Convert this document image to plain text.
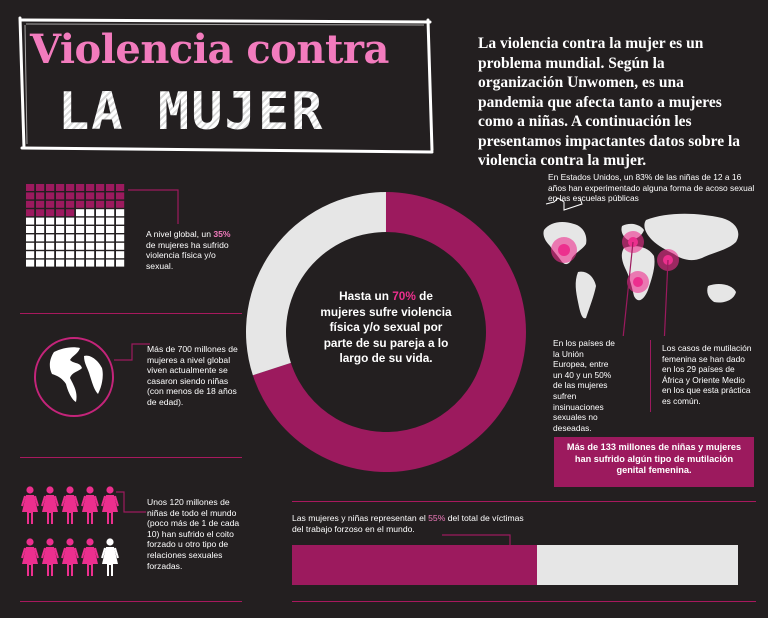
Violencia contra
LA MUJER
La violencia contra la mujer es un problema mundial. Según la organización Unwomen, es una pandemia que afecta tanto a mujeres como a niñas. A continuación les presentamos impactantes datos sobre la violencia contra la mujer.
A nivel global, un 35% de mujeres ha sufrido violencia física y/o sexual.
Más de 700 millones de mujeres a nivel global viven actualmente se casaron siendo niñas (con menos de 18 años de edad).
Unos 120 millones de niñas de todo el mundo (poco más de 1 de cada 10) han sufrido el coito forzado u otro tipo de relaciones sexuales forzadas.
Hasta un 70% de mujeres sufre violencia física y/o sexual por parte de su pareja a lo largo de su vida.
En Estados Unidos, un 83% de las niñas de 12 a 16 años han experimentado alguna forma de acoso sexual en las escuelas públicas
En los países de la Unión Europea, entre un 40 y un 50% de las mujeres sufren insinuaciones sexuales no deseadas.
Los casos de mutilación femenina se han dado en los 29 países de África y Oriente Medio en los que esta práctica es común.
Más de 133 millones de niñas y mujeres han sufrido algún tipo de mutilación genital femenina.
Las mujeres y niñas representan el 55% del total de víctimas del trabajo forzoso en el mundo.
